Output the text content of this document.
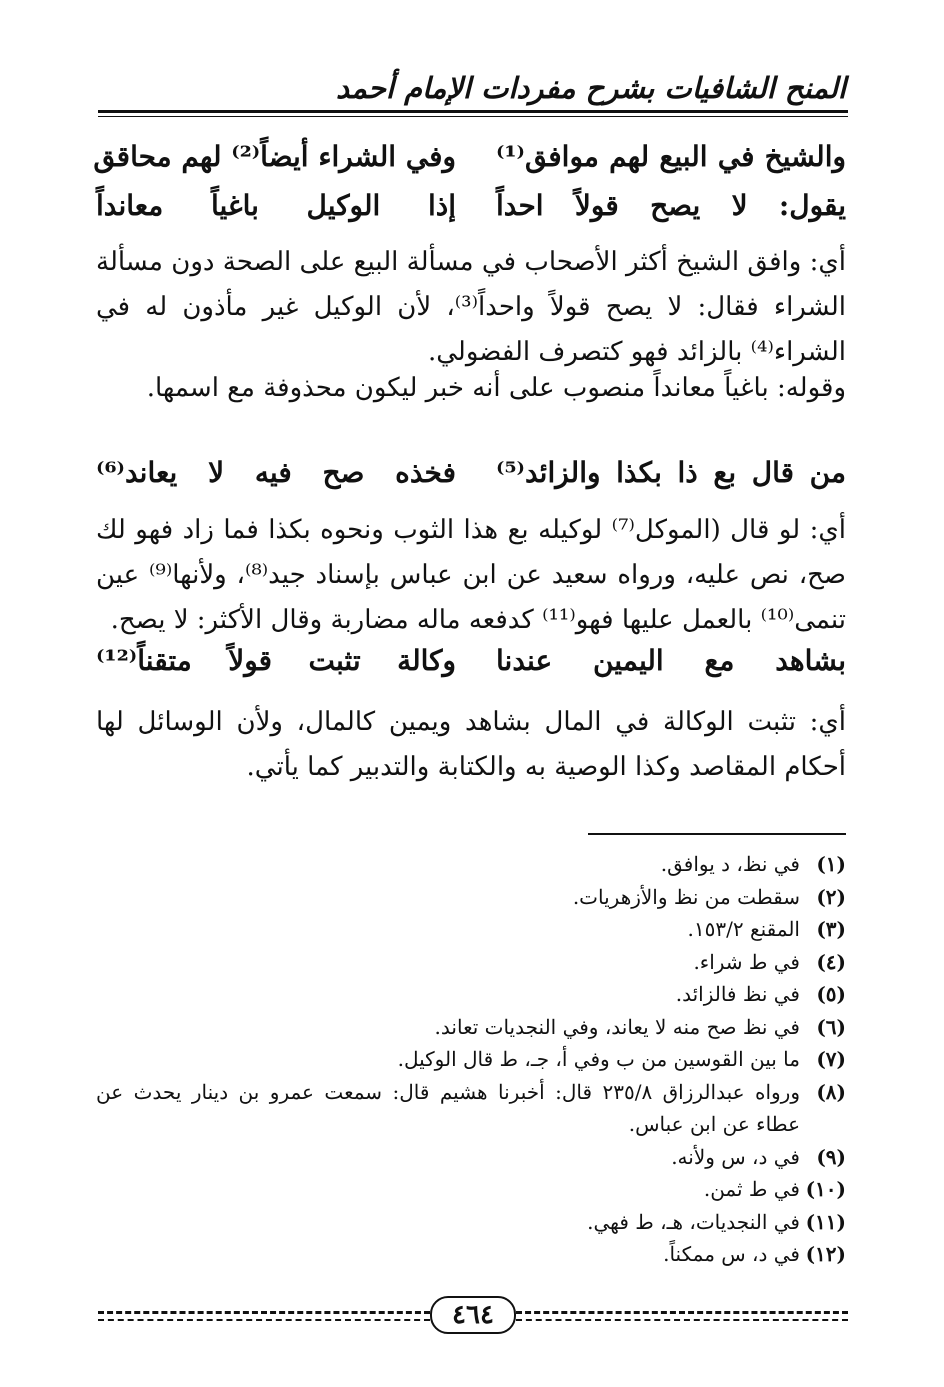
المنح الشافيات بشرح مفردات الإمام أحمد
والشيخ في البيع لهم موافق⁽¹⁾
وفي الشراء أيضاً⁽²⁾ لهم محاقق
يقول: لا يصح قولاً احداً
إذا الوكيل باغياً معانداً

أي: وافق الشيخ أكثر الأصحاب في مسألة البيع على الصحة دون مسألة الشراء فقال: لا يصح قولاً واحداً⁽³⁾، لأن الوكيل غير مأذون له في الشراء⁽⁴⁾ بالزائد فهو كتصرف الفضولي.

وقوله: باغياً معانداً منصوب على أنه خبر ليكون محذوفة مع اسمها.

من قال بع ذا بكذا والزائد⁽⁵⁾
فخذه صح فيه لا يعاند⁽⁶⁾

أي: لو قال (الموكل⁽⁷⁾ لوكيله بع هذا الثوب ونحوه بكذا فما زاد فهو لك صح، نص عليه، ورواه سعيد عن ابن عباس بإسناد جيد⁽⁸⁾، ولأنها⁽⁹⁾ عين تنمى⁽¹⁰⁾ بالعمل عليها فهو⁽¹¹⁾ كدفعه ماله مضاربة وقال الأكثر: لا يصح.

بشاهد مع اليمين عندنا
وكالة تثبت قولاً متقناً⁽¹²⁾

أي: تثبت الوكالة في المال بشاهد ويمين كالمال، ولأن الوسائل لها أحكام المقاصد وكذا الوصية به والكتابة والتدبير كما يأتي.

(١)
في نظ، د يوافق.
(٢)
سقطت من نظ والأزهريات.
(٣)
المقنع ١٥٣/٢.
(٤)
في ط شراء.
(٥)
في نظ فالزائد.
(٦)
في نظ صح منه لا يعاند، وفي النجديات تعاند.
(٧)
ما بين القوسين من ب وفي أ، جـ، ط قال الوكيل.
(٨)
ورواه عبدالرزاق ٢٣٥/٨ قال: أخبرنا هشيم قال: سمعت عمرو بن دينار يحدث عن عطاء عن ابن عباس.
(٩)
في د، س ولأنه.
(١٠)
في ط ثمن.
(١١)
في النجديات، هـ، ط فهي.
(١٢)
في د، س ممكناً.
٤٦٤
